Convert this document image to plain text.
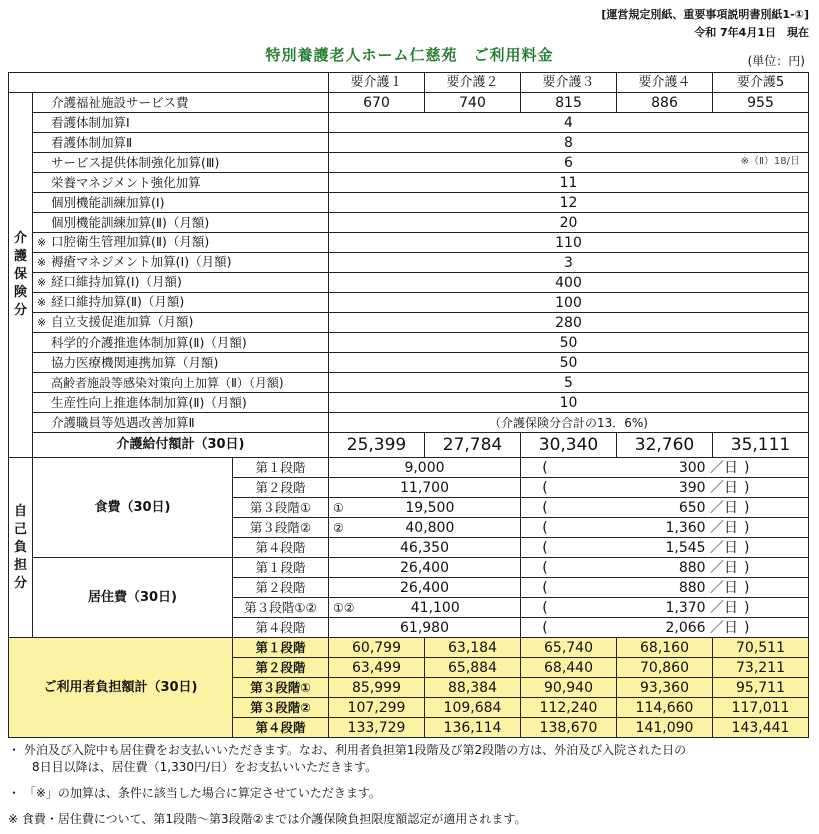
[運営規定別紙、重要事項説明書別紙1-①]
令和 7年4月1日　現在
特別養護老人ホーム仁慈苑　ご利用料金	(単位：円)
			要介護１	要介護２	要介護３	要介護４	要介護5
介
護
保
険
分	介護福祉施設サービス費		670	740	815	886	955
	看護体制加算Ⅰ		4				
	看護体制加算Ⅱ		8				
	サービス提供体制強化加算(Ⅲ)		6 ※（Ⅱ）18/日				

	栄養マネジメント強化加算		11				
	個別機能訓練加算(Ⅰ)		12				
	個別機能訓練加算(Ⅱ)（月額)		20				
	※ 口腔衛生管理加算(Ⅱ)（月額)		110				
	※ 褥瘡マネジメント加算(Ⅰ)（月額)		3				
	※ 経口維持加算(Ⅰ)（月額)		400				
	※ 経口維持加算(Ⅱ)（月額)		100				
	※ 自立支援促進加算（月額)		280				
	科学的介護推進体制加算(Ⅱ)（月額)		50				
	協力医療機関連携加算（月額)		50				
	高齢者施設等感染対策向上加算（Ⅱ）（月額)		5				
	生産性向上推進体制加算(Ⅱ)（月額)		10				
	介護職員等処遇改善加算Ⅱ		（介護保険分合計の13．6%)				
	介護給付額計（30日)		25,399	27,784	30,340	32,760	35,111
自
己
負
担
分	食費（30日)	第１段階	9,000		( 300 ／日 )		

		第２段階	11,700		( 390 ／日 )		

		第３段階①	① 19,500		( 650 ／日 )		

		第３段階②	② 40,800		( 1,360 ／日 )		

		第４段階	46,350		( 1,545 ／日 )		

	居住費（30日)	第１段階	26,400		( 880 ／日 )		

		第２段階	26,400		( 880 ／日 )		

		第３段階①②	①② 41,100		( 1,370 ／日 )		

		第４段階	61,980		( 2,066 ／日 )		

ご利用者負担額計（30日)		第１段階	60,799	63,184	65,740	68,160	70,511
		第２段階	63,499	65,884	68,440	70,860	73,211
		第３段階①	85,999	88,384	90,940	93,360	95,711
		第３段階②	107,299	109,684	112,240	114,660	117,011
		第４段階	133,729	136,114	138,670	141,090	143,441

・ 外泊及び入院中も居住費をお支払いいただきます。なお、利用者負担第1段階及び第2段階の方は、外泊及び入院された日の

8日目以降は、居住費（1,330円/日）をお支払いいただきます。

・ 「※」の加算は、条件に該当した場合に算定させていただきます。

※ 食費・居住費について、第1段階～第3段階②までは介護保険負担限度額認定が適用されます。
